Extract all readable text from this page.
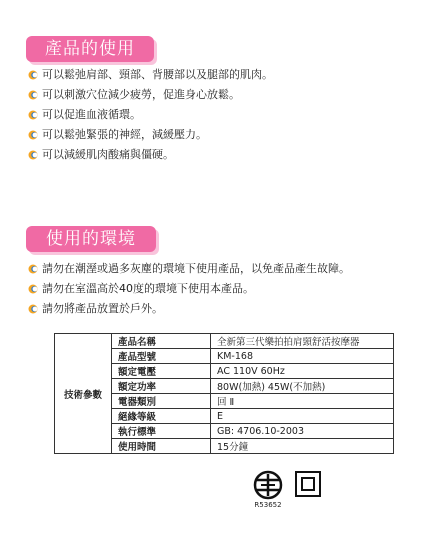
產品的使用
可以鬆弛肩部、頸部、背腰部以及腿部的肌肉。
可以刺激穴位減少疲勞，促進身心放鬆。
可以促進血液循環。
可以鬆弛緊張的神經，減緩壓力。
可以減緩肌肉酸痛與僵硬。
使用的環境
請勿在潮溼或過多灰塵的環境下使用產品，以免產品產生故障。
請勿在室溫高於40度的環境下使用本產品。
請勿將產品放置於戶外。
技術參數	產品名稱	全新第三代樂拍拍肩頸舒活按摩器
	產品型號	KM-168
	額定電壓	AC 110V 60Hz
	額定功率	80W(加熱) 45W(不加熱)
	電器類別	回 Ⅱ
	絕緣等級	E
	執行標準	GB: 4706.10-2003
	使用時間	15分鐘
R53652
